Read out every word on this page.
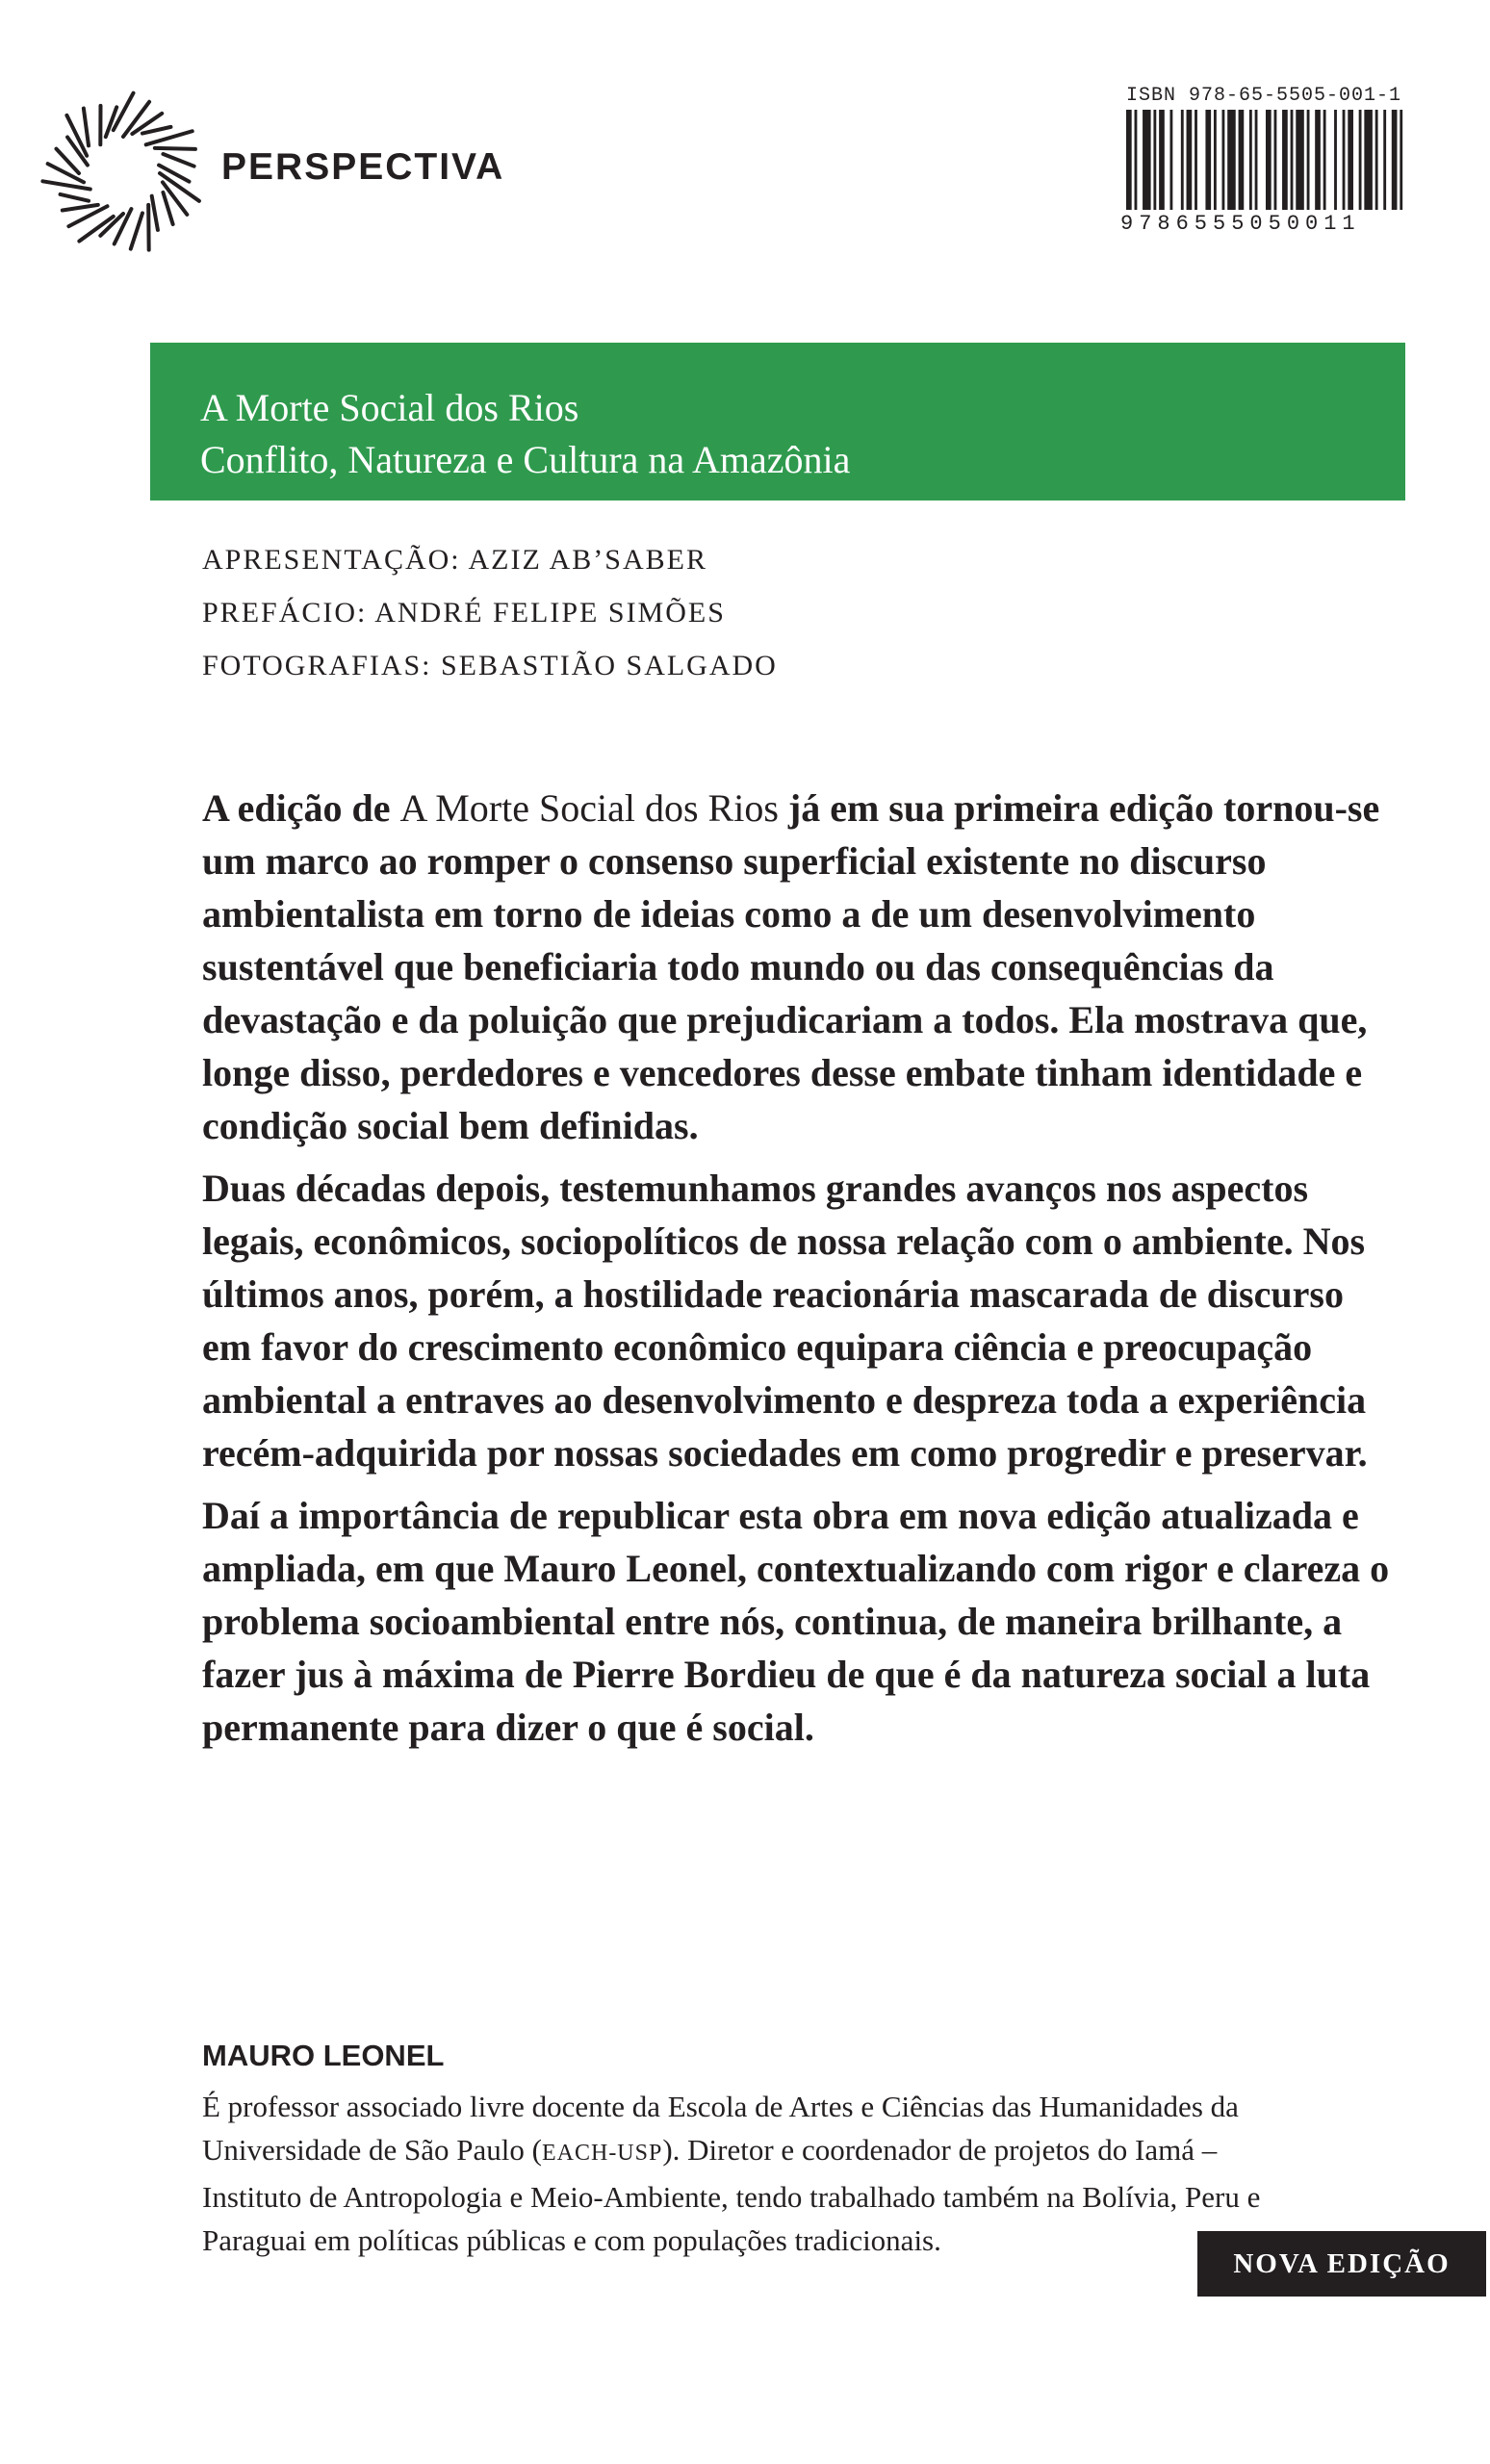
PERSPECTIVA
ISBN 978-65-5505-001-1
9786555050011
A Morte Social dos Rios
Conflito, Natureza e Cultura na Amazônia
APRESENTAÇÃO: AZIZ AB’SABER
PREFÁCIO: ANDRÉ FELIPE SIMÕES
FOTOGRAFIAS: SEBASTIÃO SALGADO

A edição de A Morte Social dos Rios já em sua primeira edição tornou-se um marco ao romper o consenso superficial existente no discurso ambientalista em torno de ideias como a de um desenvolvimento sustentável que beneficiaria todo mundo ou das consequências da devastação e da poluição que prejudicariam a todos. Ela mostrava que, longe disso, perdedores e vencedores desse embate tinham identidade e condição social bem definidas.

Duas décadas depois, testemunhamos grandes avanços nos aspectos legais, econômicos, sociopolíticos de nossa relação com o ambiente. Nos últimos anos, porém, a hostilidade reacionária mascarada de discurso em favor do crescimento econômico equipara ciência e preocupação ambiental a entraves ao desenvolvimento e despreza toda a experiência recém-adquirida por nossas sociedades em como progredir e preservar.

Daí a importância de republicar esta obra em nova edição atualizada e ampliada, em que Mauro Leonel, contextualizando com rigor e clareza o problema socioambiental entre nós, continua, de maneira brilhante, a fazer jus à máxima de Pierre Bordieu de que é da natureza social a luta permanente para dizer o que é social.

MAURO LEONEL
É professor associado livre docente da Escola de Artes e Ciências das Humanidades da Universidade de São Paulo (EACH-USP). Diretor e coordenador de projetos do Iamá – Instituto de Antropologia e Meio-Ambiente, tendo trabalhado também na Bolívia, Peru e Paraguai em políticas públicas e com populações tradicionais.
NOVA EDIÇÃO
